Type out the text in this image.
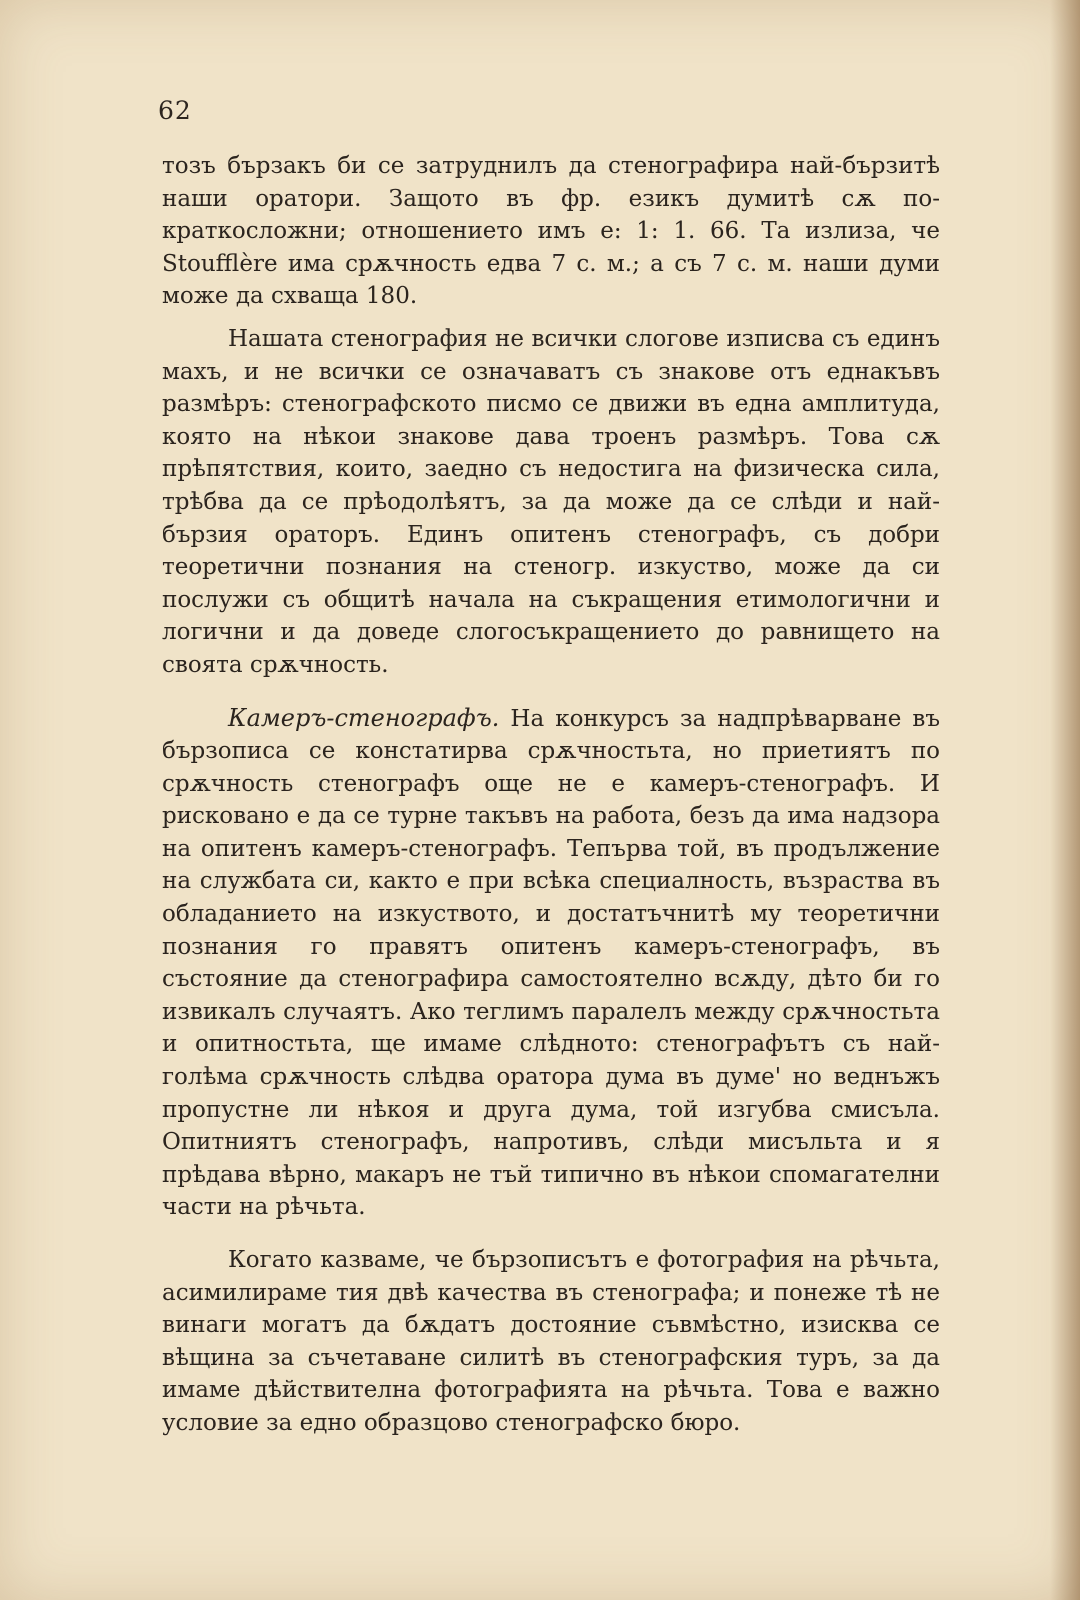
62

тозъ бързакъ би се затруднилъ да стенографира най-бързитѣ наши оратори. Защото въ фр. езикъ думитѣ сѫ по-краткосложни; отношението имъ е: 1: 1. 66. Та излиза, че Stoufflère има срѫчность едва 7 с. м.; а съ 7 с. м. наши думи може да схваща 180.

Нашата стенография не всички слогове изписва съ единъ махъ, и не всички се означаватъ съ знакове отъ еднакъвъ размѣръ: стенографското писмо се движи въ една амплитуда, която на нѣкои знакове дава троенъ размѣръ. Това сѫ прѣпятствия, които, заедно съ недостига на физическа сила, трѣбва да се прѣодолѣятъ, за да може да се слѣди и най-бързия ораторъ. Единъ опитенъ стенографъ, съ добри теоретични познания на стеногр. изкуство, може да си послужи съ общитѣ начала на съкращения етимологични и логични и да доведе слогосъкращението до равнището на своята срѫчность.

Камеръ-стенографъ. На конкурсъ за надпрѣварване въ бързописа се констатирва срѫчностьта, но приетиятъ по срѫчность стенографъ още не е камеръ-стенографъ. И рисковано е да се турне такъвъ на работа, безъ да има надзора на опитенъ камеръ-стенографъ. Тепърва той, въ продължение на службата си, както е при всѣка специалность, възраства въ обладанието на изкуството, и достатъчнитѣ му теоретични познания го правятъ опитенъ камеръ-стенографъ, въ състояние да стенографира самостоятелно всѫду, дѣто би го извикалъ случаятъ. Ако теглимъ паралелъ между срѫчностьта и опитностьта, ще имаме слѣдното: стенографътъ съ най-голѣма срѫчность слѣдва оратора дума въ думе' но веднъжъ пропустне ли нѣкоя и друга дума, той изгубва смисъла. Опитниятъ стенографъ, напротивъ, слѣди мисъльта и я прѣдава вѣрно, макаръ не тъй типично въ нѣкои спомагателни части на рѣчьта.

Когато казваме, че бързописътъ е фотография на рѣчьта, асимилираме тия двѣ качества въ стенографа; и понеже тѣ не винаги могатъ да бѫдатъ достояние съвмѣстно, изисква се вѣщина за съчетаване силитѣ въ стенографския туръ, за да имаме дѣйствителна фотографията на рѣчьта. Това е важно условие за едно образцово стенографско бюро.
